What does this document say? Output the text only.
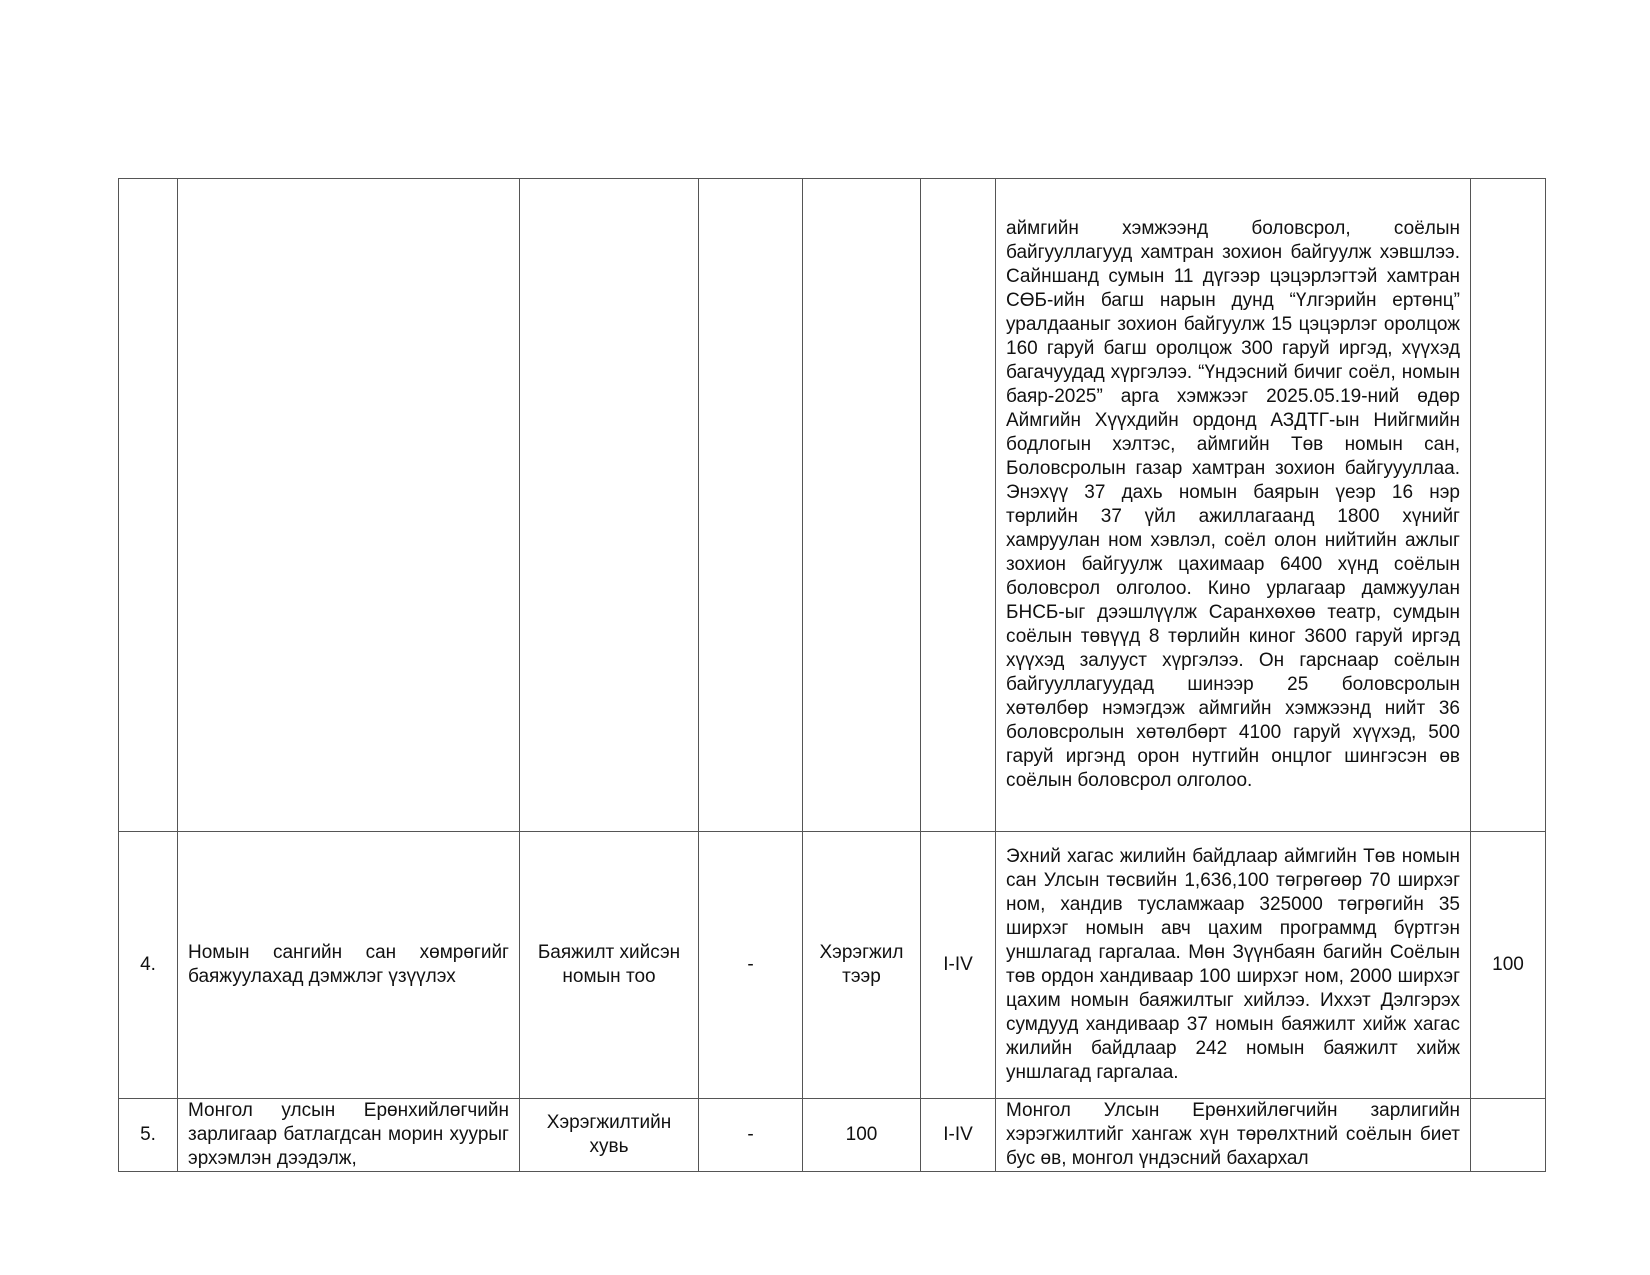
						аймгийн хэмжээнд боловсрол, соёлын байгууллагууд хамтран зохион байгуулж хэвшлээ. Сайншанд сумын 11 дүгээр цэцэрлэгтэй хамтран СӨБ-ийн багш нарын дунд “Үлгэрийн ертөнц” уралдааныг зохион байгуулж 15 цэцэрлэг оролцож 160 гаруй багш оролцож 300 гаруй иргэд, хүүхэд багачуудад хүргэлээ. “Үндэсний бичиг соёл, номын баяр-2025” арга хэмжээг 2025.05.19-ний өдөр Аймгийн Хүүхдийн ордонд АЗДТГ-ын Нийгмийн бодлогын хэлтэс, аймгийн Төв номын сан, Боловсролын газар хамтран зохион байгуууллаа. Энэхүү 37 дахь номын баярын үеэр 16 нэр төрлийн 37 үйл ажиллагаанд 1800 хүнийг хамруулан ном хэвлэл, соёл олон нийтийн ажлыг зохион байгуулж цахимаар 6400 хүнд соёлын боловсрол олголоо. Кино урлагаар дамжуулан БНСБ-ыг дээшлүүлж Саранхөхөө театр, сумдын соёлын төвүүд 8 төрлийн киног 3600 гаруй иргэд хүүхэд залууст хүргэлээ. Он гарснаар соёлын байгууллагуудад шинээр 25 боловсролын хөтөлбөр нэмэгдэж аймгийн хэмжээнд нийт 36 боловсролын хөтөлбөрт 4100 гаруй хүүхэд, 500 гаруй иргэнд орон нутгийн онцлог шингэсэн өв соёлын боловсрол олголоо.	
4.	Номын сангийн сан хөмрөгийг баяжуулахад дэмжлэг үзүүлэх	Баяжилт хийсэн номын тоо	-	Хэрэгжил тээр	I-IV	Эхний хагас жилийн байдлаар аймгийн Төв номын сан Улсын төсвийн 1,636,100 төгрөгөөр 70 ширхэг ном, хандив тусламжаар 325000 төгрөгийн 35 ширхэг номын авч цахим программд бүртгэн уншлагад гаргалаа. Мөн Зүүнбаян багийн Соёлын төв ордон хандиваар 100 ширхэг ном, 2000 ширхэг цахим номын баяжилтыг хийлээ. Иххэт Дэлгэрэх сумдууд хандиваар 37 номын баяжилт хийж хагас жилийн байдлаар 242 номын баяжилт хийж уншлагад гаргалаа.	100
5.	Монгол улсын Ерөнхийлөгчийн зарлигаар батлагдсан морин хуурыг эрхэмлэн дээдэлж,	Хэрэгжилтийн хувь	-	100	I-IV	Монгол Улсын Ерөнхийлөгчийн зарлигийн хэрэгжилтийг хангаж хүн төрөлхтний соёлын биет бус өв, монгол үндэсний бахархал	
